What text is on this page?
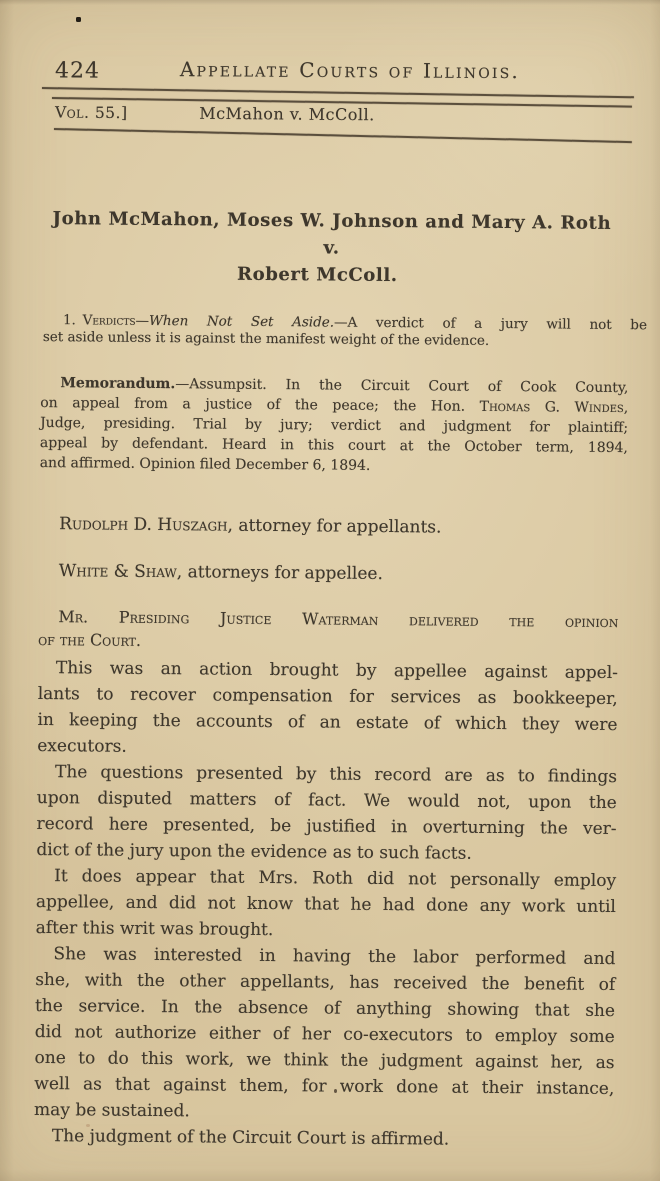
424	Appellate Courts of Illinois.
Vol. 55.]	McMahon v. McColl.
John McMahon, Moses W. Johnson and Mary A. Roth v.
Robert McColl.
1. Verdicts—When Not Set Aside.—A verdict of a jury will not be
set aside unless it is against the manifest weight of the evidence.
Memorandum.—Assumpsit. In the Circuit Court of Cook County,
on appeal from a justice of the peace; the Hon. Thomas G. Windes,
Judge, presiding. Trial by jury; verdict and judgment for plaintiff;
appeal by defendant. Heard in this court at the October term, 1894,
and affirmed. Opinion filed December 6, 1894.
Rudolph D. Huszagh, attorney for appellants.
White & Shaw, attorneys for appellee.
Mr. Presiding Justice Waterman delivered the opinion
of the Court.
This was an action brought by appellee against appel-
lants to recover compensation for services as bookkeeper,
in keeping the accounts of an estate of which they were
executors.
The questions presented by this record are as to findings
upon disputed matters of fact. We would not, upon the
record here presented, be justified in overturning the ver-
dict of the jury upon the evidence as to such facts.
It does appear that Mrs. Roth did not personally employ
appellee, and did not know that he had done any work until
after this writ was brought.
She was interested in having the labor performed and
she, with the other appellants, has received the benefit of
the service. In the absence of anything showing that she
did not authorize either of her co-executors to employ some
one to do this work, we think the judgment against her, as
well as that against them, for work done at their instance,
may be sustained.
The judgment of the Circuit Court is affirmed.
